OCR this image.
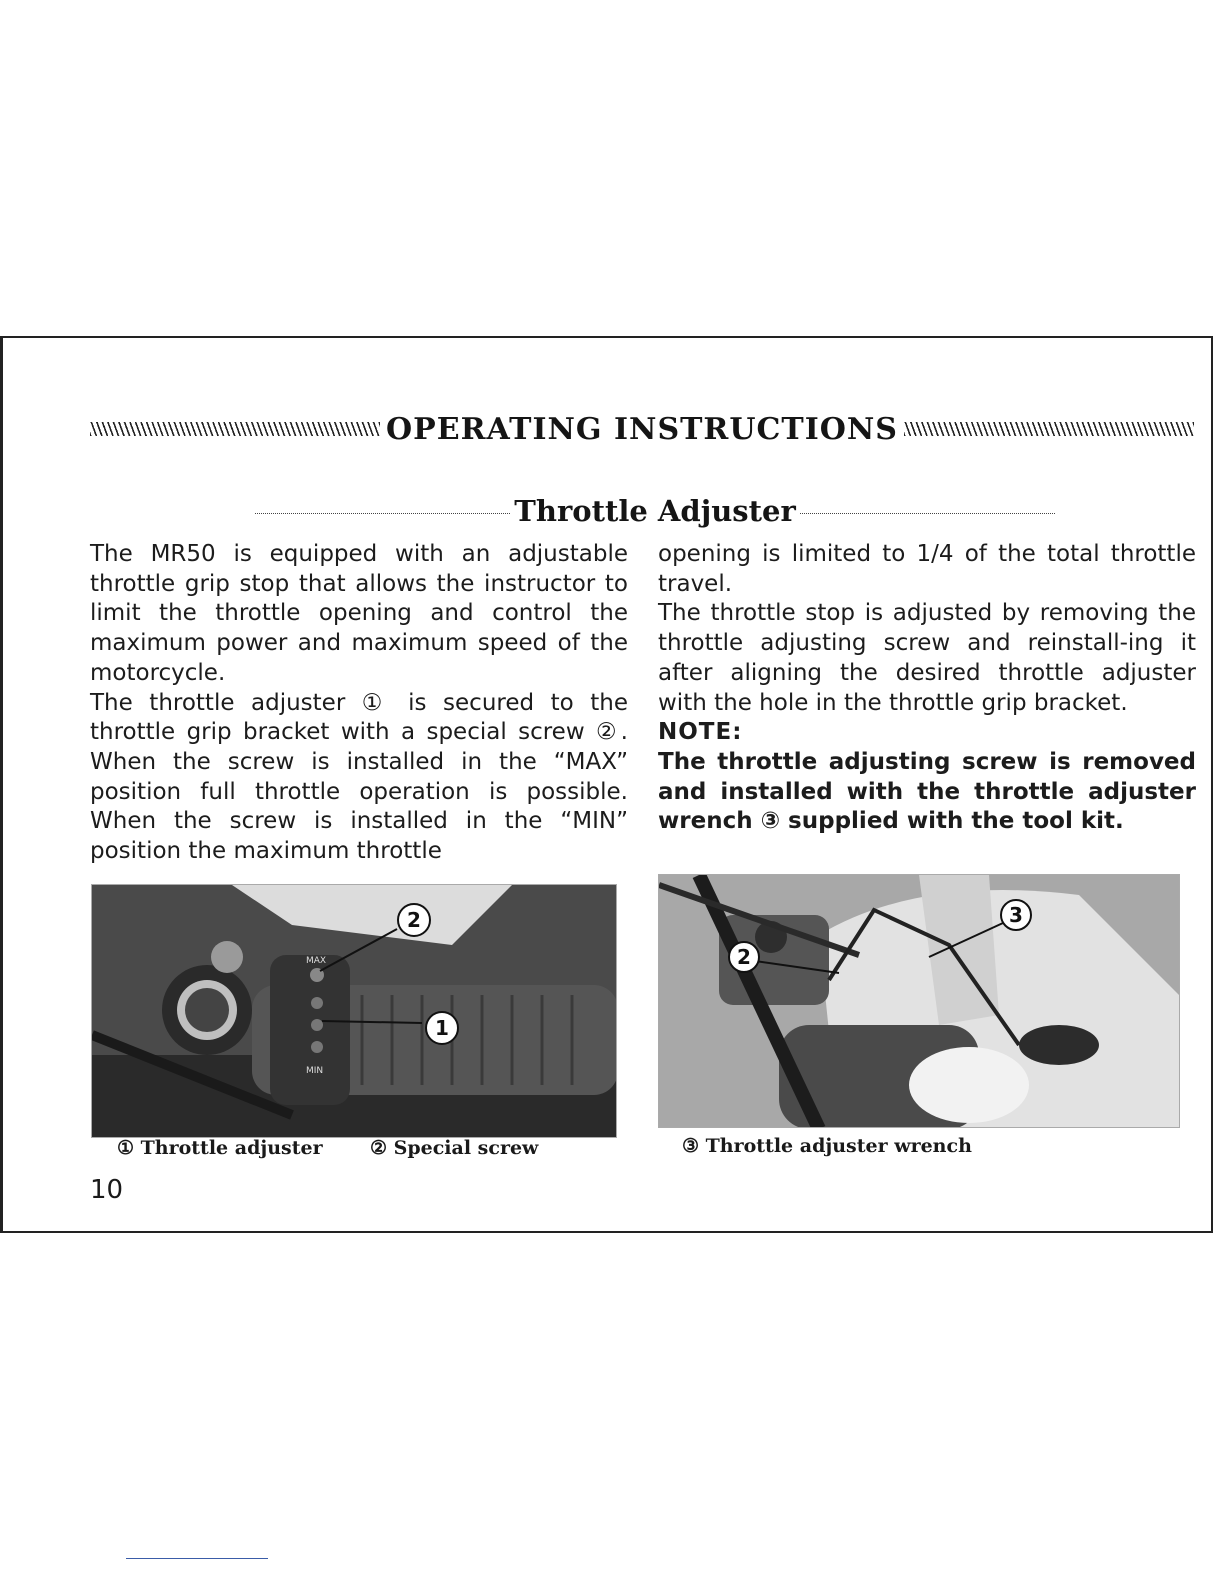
OPERATING INSTRUCTIONS
Throttle Adjuster

The MR50 is equipped with an adjustable throttle grip stop that allows the instructor to limit the throttle opening and control the maximum power and maximum speed of the motorcycle.

The throttle adjuster ① is secured to the throttle grip bracket with a special screw ②. When the screw is installed in the “MAX” position full throttle operation is possible. When the screw is installed in the “MIN” position the maximum throttle

opening is limited to 1/4 of the total throttle travel.

The throttle stop is adjusted by removing the throttle adjusting screw and reinstall-ing it after aligning the desired throttle adjuster with the hole in the throttle grip bracket.

NOTE:

The throttle adjusting screw is removed and installed with the throttle adjuster wrench ③ supplied with the tool kit.

MAX
MIN
2
1
2
3
① Throttle adjuster ② Special screw	③ Throttle adjuster wrench
10
